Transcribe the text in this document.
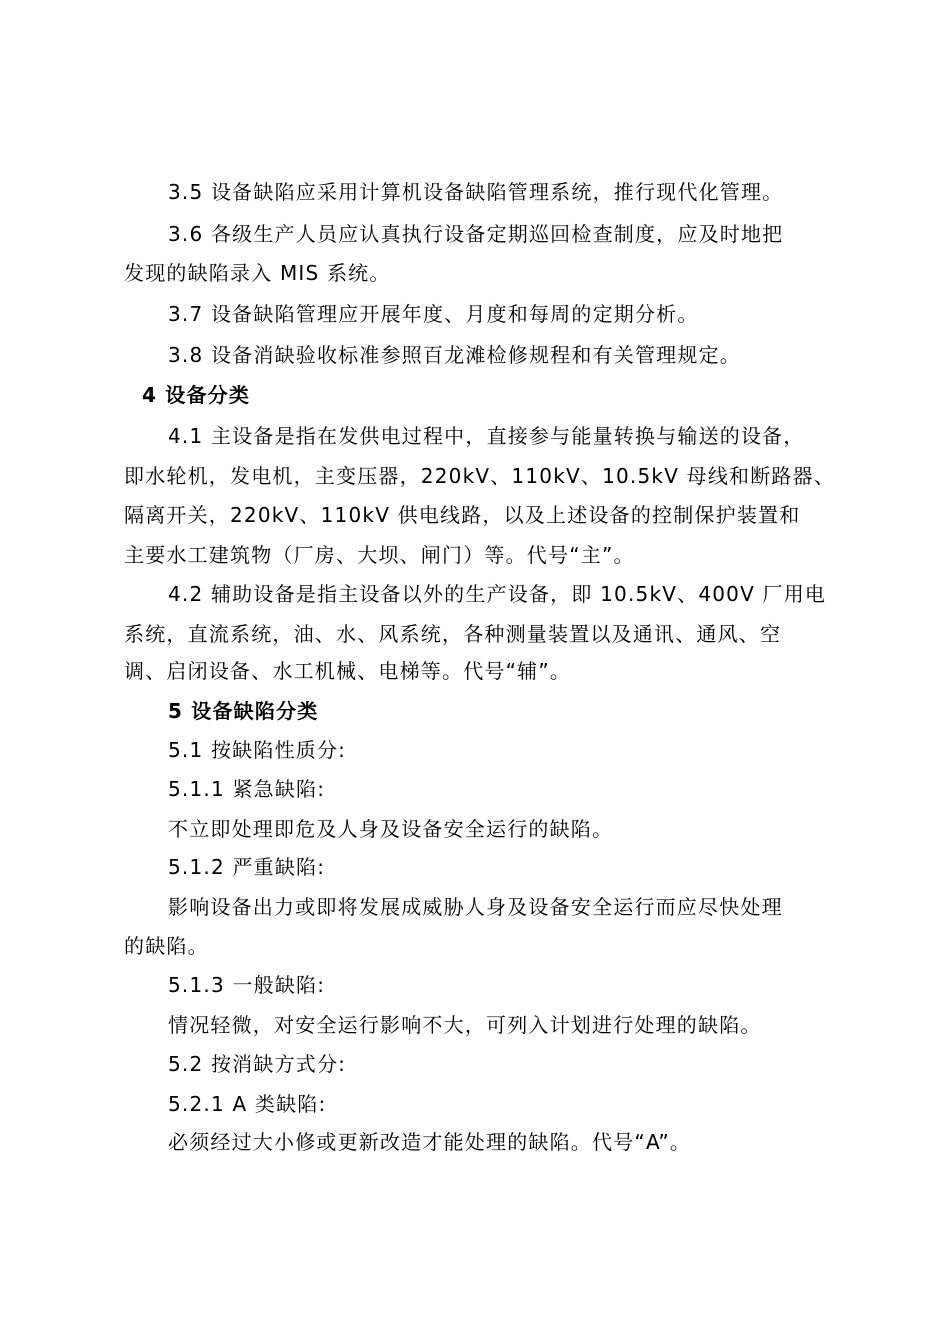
3.5 设备缺陷应采用计算机设备缺陷管理系统，推行现代化管理。
3.6 各级生产人员应认真执行设备定期巡回检查制度，应及时地把
发现的缺陷录入 MIS 系统。
3.7 设备缺陷管理应开展年度、月度和每周的定期分析。
3.8 设备消缺验收标准参照百龙滩检修规程和有关管理规定。
4 设备分类
4.1 主设备是指在发供电过程中，直接参与能量转换与输送的设备，
即水轮机，发电机，主变压器，220kV、110kV、10.5kV 母线和断路器、
隔离开关，220kV、110kV 供电线路，以及上述设备的控制保护装置和
主要水工建筑物（厂房、大坝、闸门）等。代号“主”。
4.2 辅助设备是指主设备以外的生产设备，即 10.5kV、400V 厂用电
系统，直流系统，油、水、风系统，各种测量装置以及通讯、通风、空
调、启闭设备、水工机械、电梯等。代号“辅”。
5 设备缺陷分类
5.1 按缺陷性质分:
5.1.1 紧急缺陷:
不立即处理即危及人身及设备安全运行的缺陷。
5.1.2 严重缺陷:
影响设备出力或即将发展成威胁人身及设备安全运行而应尽快处理
的缺陷。
5.1.3 一般缺陷:
情况轻微，对安全运行影响不大，可列入计划进行处理的缺陷。
5.2 按消缺方式分:
5.2.1 A 类缺陷:
必须经过大小修或更新改造才能处理的缺陷。代号“A”。
